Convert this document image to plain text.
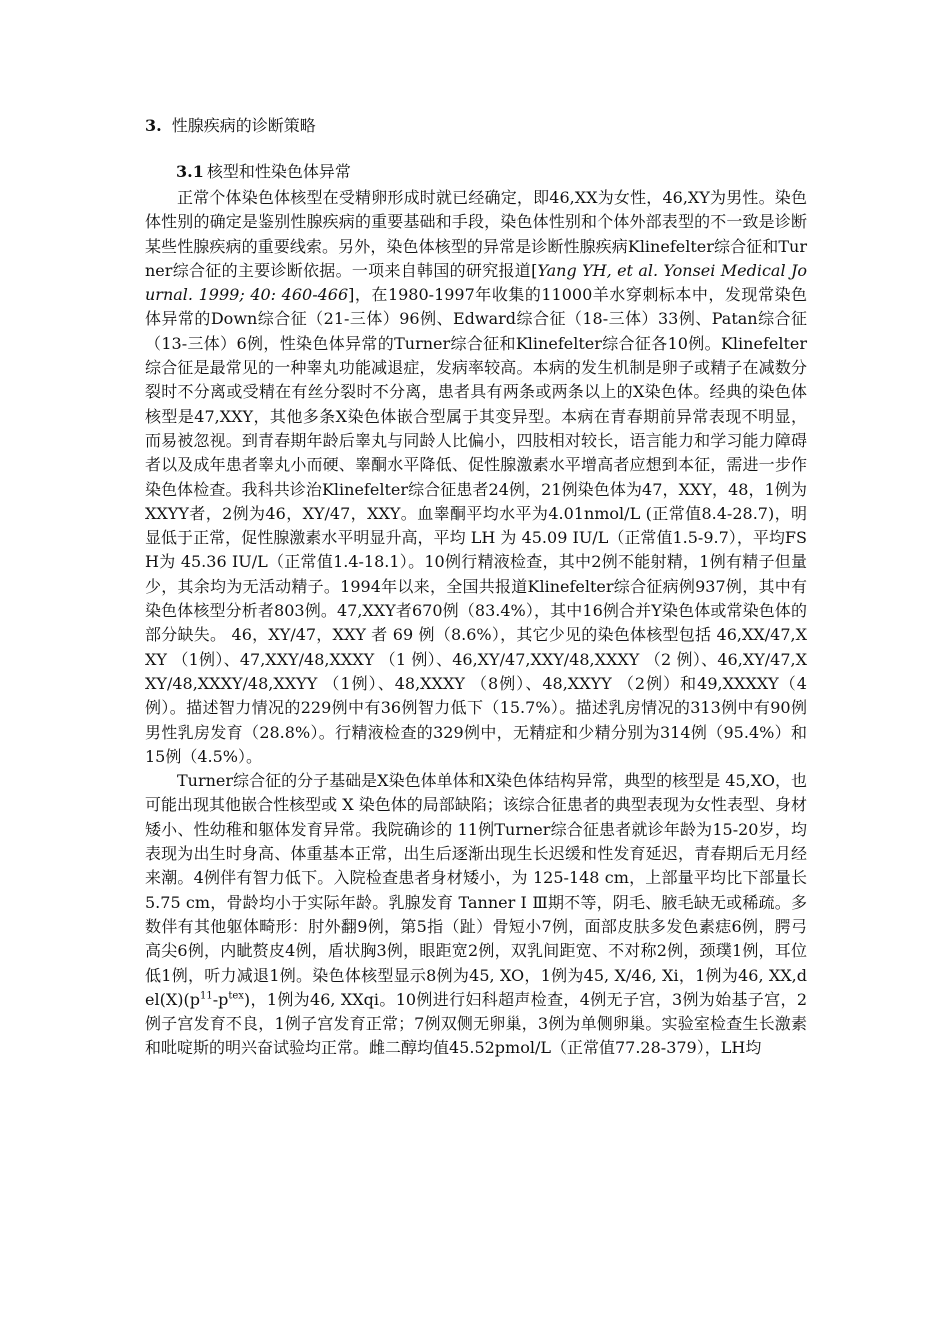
3. 性腺疾病的诊断策略
3.1 核型和性染色体异常

正常个体染色体核型在受精卵形成时就已经确定，即46,XX为女性，46,XY为男性。染色体性别的确定是鉴别性腺疾病的重要基础和手段，染色体性别和个体外部表型的不一致是诊断某些性腺疾病的重要线索。另外，染色体核型的异常是诊断性腺疾病Klinefelter综合征和Turner综合征的主要诊断依据。一项来自韩国的研究报道[Yang YH, et al. Yonsei Medical Journal. 1999; 40: 460-466]，在1980-1997年收集的11000羊水穿刺标本中，发现常染色体异常的Down综合征（21-三体）96例、Edward综合征（18-三体）33例、Patan综合征（13-三体）6例，性染色体异常的Turner综合征和Klinefelter综合征各10例。Klinefelter综合征是最常见的一种睾丸功能减退症，发病率较高。本病的发生机制是卵子或精子在减数分裂时不分离或受精在有丝分裂时不分离，患者具有两条或两条以上的X染色体。经典的染色体核型是47,XXY，其他多条X染色体嵌合型属于其变异型。本病在青春期前异常表现不明显，而易被忽视。到青春期年龄后睾丸与同龄人比偏小，四肢相对较长，语言能力和学习能力障碍者以及成年患者睾丸小而硬、睾酮水平降低、促性腺激素水平增高者应想到本征，需进一步作染色体检查。我科共诊治Klinefelter综合征患者24例，21例染色体为47，XXY，48，1例为XXYY者，2例为46，XY/47，XXY。血睾酮平均水平为4.01nmol/L (正常值8.4-28.7)，明显低于正常，促性腺激素水平明显升高，平均 LH 为 45.09 IU/L（正常值1.5-9.7），平均FSH为 45.36 IU/L（正常值1.4-18.1）。10例行精液检查，其中2例不能射精，1例有精子但量少，其余均为无活动精子。1994年以来，全国共报道Klinefelter综合征病例937例，其中有染色体核型分析者803例。47,XXY者670例（83.4%），其中16例合并Y染色体或常染色体的部分缺失。 46，XY/47，XXY 者 69 例（8.6%），其它少见的染色体核型包括 46,XX/47,XXY （1例）、47,XXY/48,XXXY （1 例）、46,XY/47,XXY/48,XXXY （2 例）、46,XY/47,XXY/48,XXXY/48,XXYY （1例）、48,XXXY （8例）、48,XXYY （2例）和49,XXXXY（4例）。描述智力情况的229例中有36例智力低下（15.7%）。描述乳房情况的313例中有90例男性乳房发育（28.8%）。行精液检查的329例中，无精症和少精分别为314例（95.4%）和 15例（4.5%）。

Turner综合征的分子基础是X染色体单体和X染色体结构异常，典型的核型是 45,XO，也可能出现其他嵌合性核型或 X 染色体的局部缺陷；该综合征患者的典型表现为女性表型、身材矮小、性幼稚和躯体发育异常。我院确诊的 11例Turner综合征患者就诊年龄为15-20岁，均表现为出生时身高、体重基本正常，出生后逐渐出现生长迟缓和性发育延迟，青春期后无月经来潮。4例伴有智力低下。入院检查患者身材矮小，为 125-148 cm，上部量平均比下部量长 5.75 cm，骨龄均小于实际年龄。乳腺发育 Tanner Ⅰ Ⅲ期不等，阴毛、腋毛缺无或稀疏。多数伴有其他躯体畸形：肘外翻9例，第5指（趾）骨短小7例，面部皮肤多发色素痣6例，腭弓高尖6例，内眦赘皮4例，盾状胸3例，眼距宽2例，双乳间距宽、不对称2例，颈璞1例，耳位低1例，听力减退1例。染色体核型显示8例为45, XO，1例为45, X/46, Xi，1例为46, $XX,del(X)(p^{11}-p^{tex})$，1例为46, XXqi。10例进行妇科超声检查，4例无子宫，3例为始基子宫，2例子宫发育不良，1例子宫发育正常；7例双侧无卵巢，3例为单侧卵巢。实验室检查生长激素和吡啶斯的明兴奋试验均正常。雌二醇均值45.52pmol/L（正常值77.28-379），LH均
